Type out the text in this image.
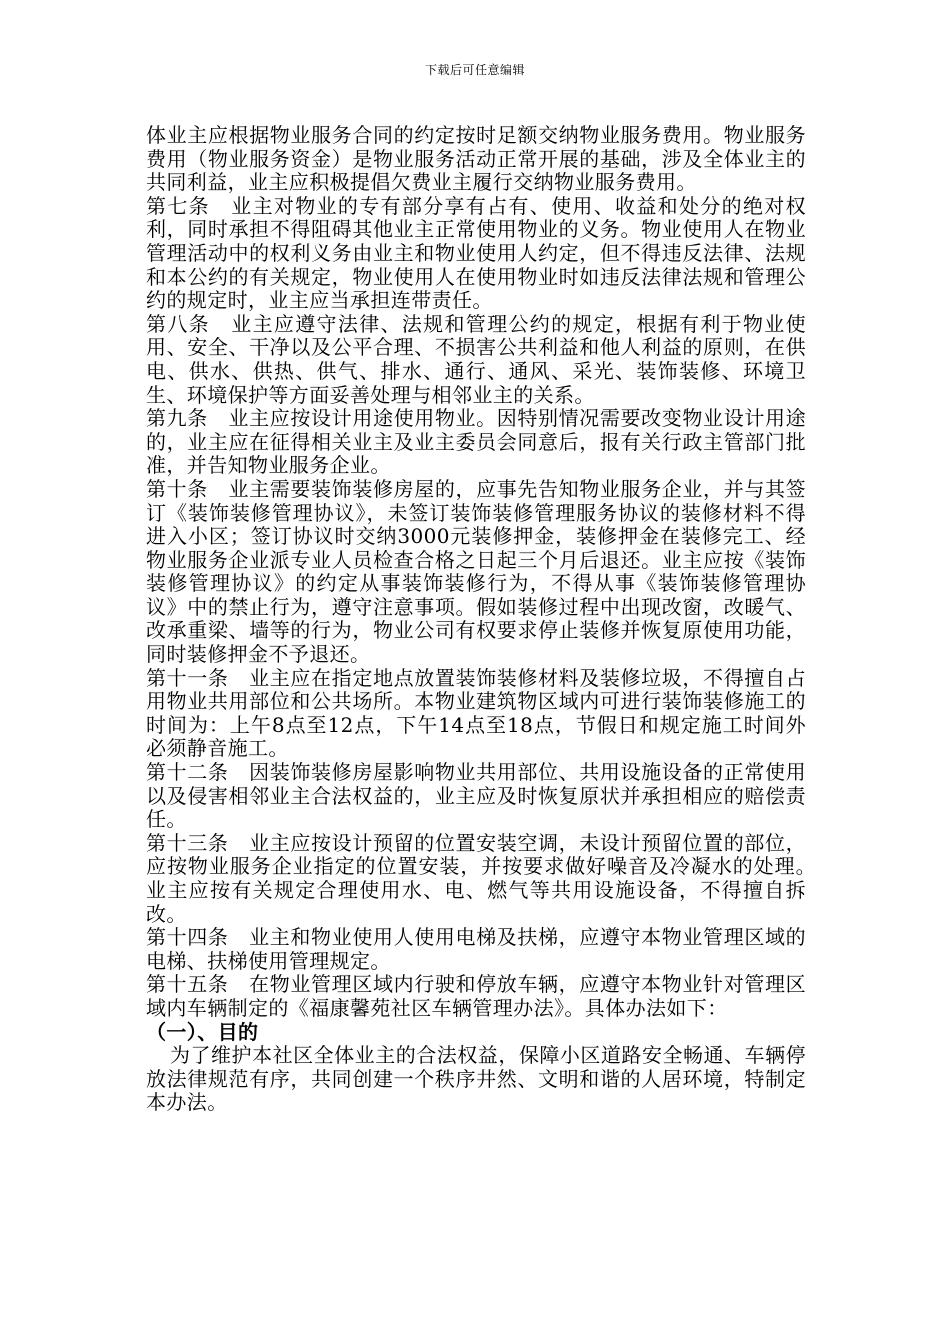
下载后可任意编辑

体业主应根据物业服务合同的约定按时足额交纳物业服务费用。物业服务费用（物业服务资金）是物业服务活动正常开展的基础，涉及全体业主的共同利益，业主应积极提倡欠费业主履行交纳物业服务费用。

第七条　业主对物业的专有部分享有占有、使用、收益和处分的绝对权利，同时承担不得阻碍其他业主正常使用物业的义务。物业使用人在物业管理活动中的权利义务由业主和物业使用人约定，但不得违反法律、法规和本公约的有关规定，物业使用人在使用物业时如违反法律法规和管理公约的规定时，业主应当承担连带责任。

第八条　业主应遵守法律、法规和管理公约的规定，根据有利于物业使用、安全、干净以及公平合理、不损害公共利益和他人利益的原则，在供电、供水、供热、供气、排水、通行、通风、采光、装饰装修、环境卫生、环境保护等方面妥善处理与相邻业主的关系。

第九条　业主应按设计用途使用物业。因特别情况需要改变物业设计用途的，业主应在征得相关业主及业主委员会同意后，报有关行政主管部门批准，并告知物业服务企业。

第十条　业主需要装饰装修房屋的，应事先告知物业服务企业，并与其签订《装饰装修管理协议》，未签订装饰装修管理服务协议的装修材料不得进入小区；签订协议时交纳3000元装修押金，装修押金在装修完工、经物业服务企业派专业人员检查合格之日起三个月后退还。业主应按《装饰装修管理协议》的约定从事装饰装修行为，不得从事《装饰装修管理协议》中的禁止行为，遵守注意事项。假如装修过程中出现改窗，改暖气、改承重梁、墙等的行为，物业公司有权要求停止装修并恢复原使用功能，同时装修押金不予退还。

第十一条　业主应在指定地点放置装饰装修材料及装修垃圾，不得擅自占用物业共用部位和公共场所。本物业建筑物区域内可进行装饰装修施工的时间为：上午8点至12点，下午14点至18点，节假日和规定施工时间外必须静音施工。

第十二条　因装饰装修房屋影响物业共用部位、共用设施设备的正常使用以及侵害相邻业主合法权益的，业主应及时恢复原状并承担相应的赔偿责任。

第十三条　业主应按设计预留的位置安装空调，未设计预留位置的部位，应按物业服务企业指定的位置安装，并按要求做好噪音及冷凝水的处理。　业主应按有关规定合理使用水、电、燃气等共用设施设备，不得擅自拆改。

第十四条　业主和物业使用人使用电梯及扶梯，应遵守本物业管理区域的电梯、扶梯使用管理规定。

第十五条　在物业管理区域内行驶和停放车辆，应遵守本物业针对管理区域内车辆制定的《福康馨苑社区车辆管理办法》。具体办法如下：

（一）、目的

为了维护本社区全体业主的合法权益，保障小区道路安全畅通、车辆停放法律规范有序，共同创建一个秩序井然、文明和谐的人居环境，特制定本办法。
